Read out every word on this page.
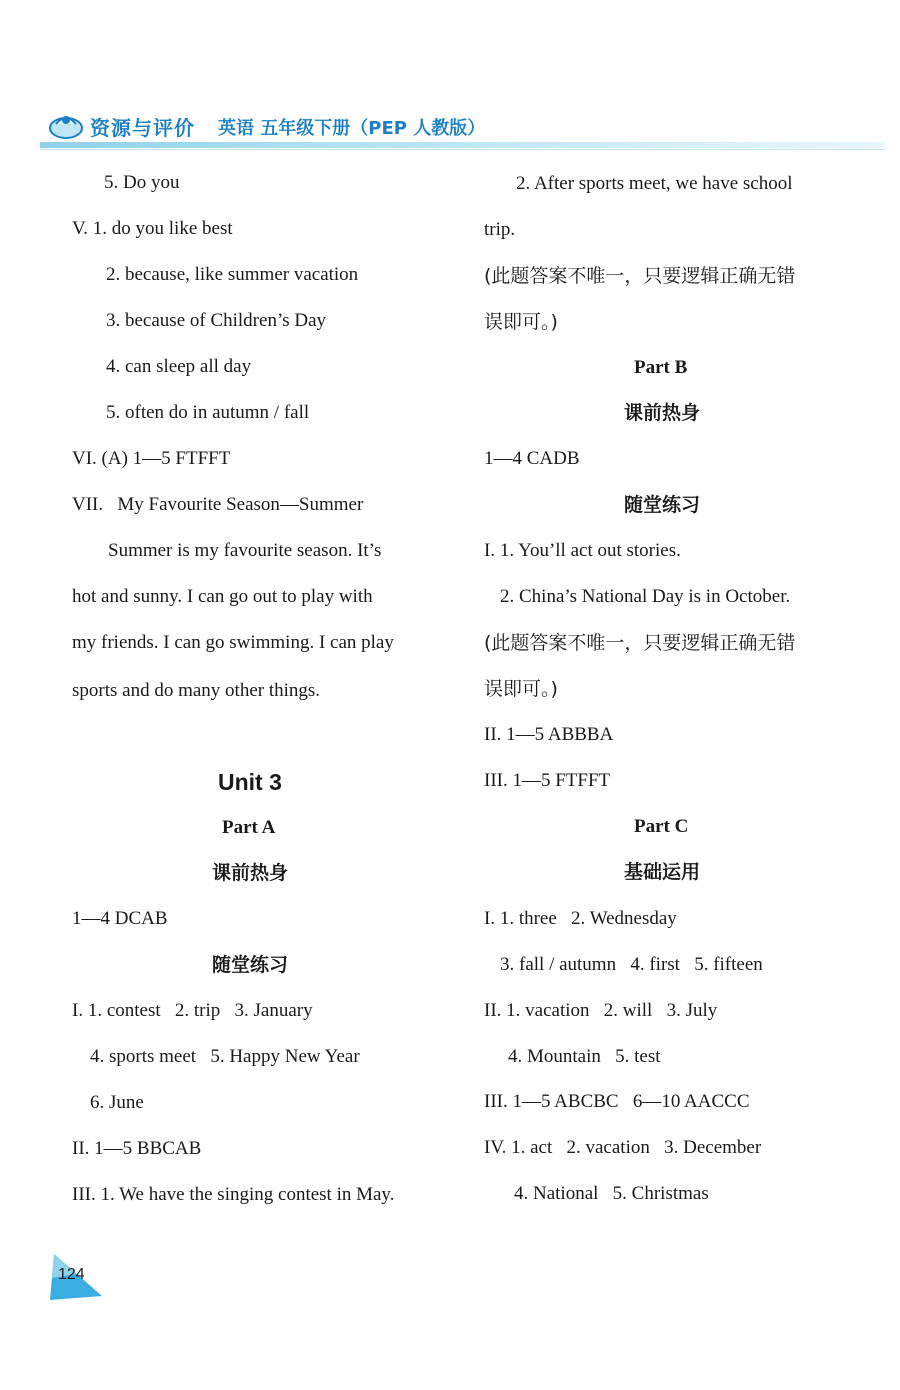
资源与评价 英语 五年级下册（PEP 人教版）
5. Do you
V. 1. do you like best
2. because, like summer vacation
3. because of Children’s Day
4. can sleep all day
5. often do in autumn / fall
VI. (A) 1—5 FTFFT
VII.   My Favourite Season—Summer
Summer is my favourite season. It’s
hot and sunny. I can go out to play with
my friends. I can go swimming. I can play
sports and do many other things.
Unit 3
Part A
课前热身
1—4 DCAB
随堂练习
I. 1. contest   2. trip   3. January
4. sports meet   5. Happy New Year
6. June
II. 1—5 BBCAB
III. 1. We have the singing contest in May.
2. After sports meet, we have school
trip.
(此题答案不唯一，只要逻辑正确无错
误即可。)
Part B
课前热身
1—4 CADB
随堂练习
I. 1. You’ll act out stories.
2. China’s National Day is in October.
(此题答案不唯一，只要逻辑正确无错
误即可。)
II. 1—5 ABBBA
III. 1—5 FTFFT
Part C
基础运用
I. 1. three   2. Wednesday
3. fall / autumn   4. first   5. fifteen
II. 1. vacation   2. will   3. July
4. Mountain   5. test
III. 1—5 ABCBC   6—10 AACCC
IV. 1. act   2. vacation   3. December
4. National   5. Christmas
124
